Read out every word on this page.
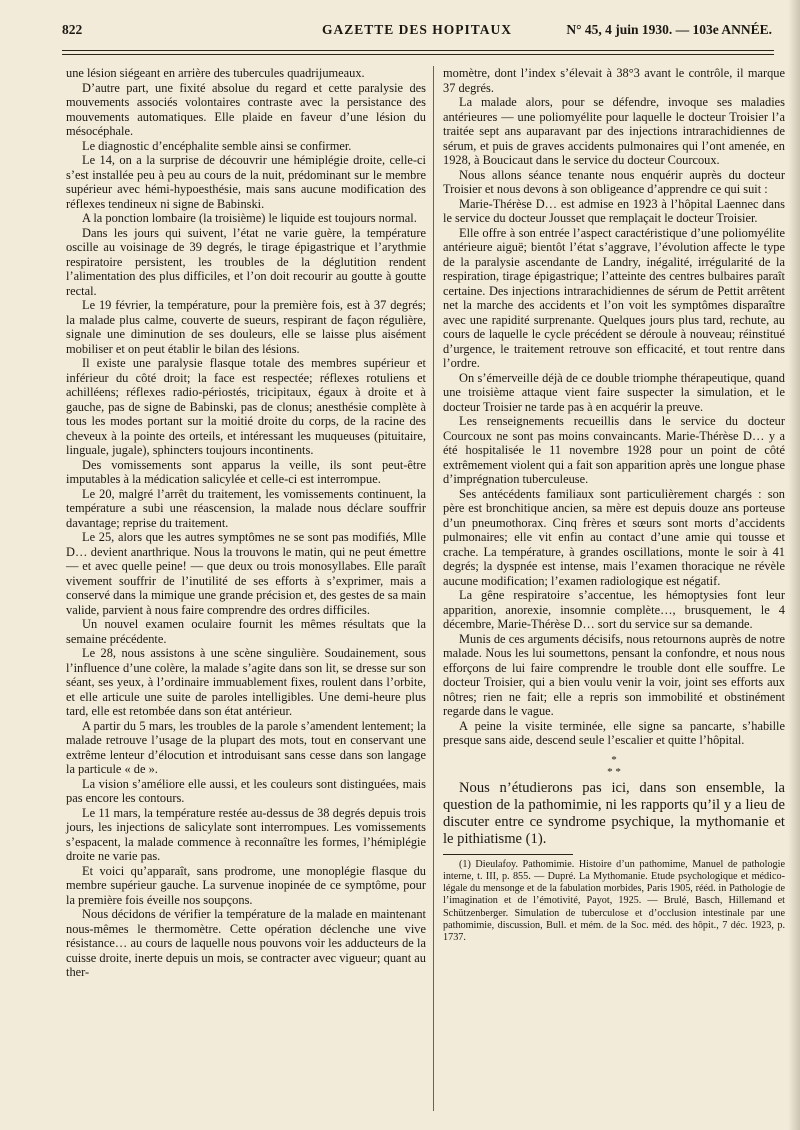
822	GAZETTE DES HOPITAUX	N° 45, 4 juin 1930. — 103e ANNÉE.

une lésion siégeant en arrière des tubercules quadrijumeaux.

D’autre part, une fixité absolue du regard et cette paralysie des mouvements associés volontaires contraste avec la persistance des mouvements automatiques. Elle plaide en faveur d’une lésion du mésocéphale.

Le diagnostic d’encéphalite semble ainsi se confirmer.

Le 14, on a la surprise de découvrir une hémiplégie droite, celle-ci s’est installée peu à peu au cours de la nuit, prédominant sur le membre supérieur avec hémi-hypoesthésie, mais sans aucune modification des réflexes tendineux ni signe de Babinski.

A la ponction lombaire (la troisième) le liquide est toujours normal.

Dans les jours qui suivent, l’état ne varie guère, la température oscille au voisinage de 39 degrés, le tirage épigastrique et l’arythmie respiratoire persistent, les troubles de la déglutition rendent l’alimentation des plus difficiles, et l’on doit recourir au goutte à goutte rectal.

Le 19 février, la température, pour la première fois, est à 37 degrés; la malade plus calme, couverte de sueurs, respirant de façon régulière, signale une diminution de ses douleurs, elle se laisse plus aisément mobiliser et on peut établir le bilan des lésions.

Il existe une paralysie flasque totale des membres supérieur et inférieur du côté droit; la face est respectée; réflexes rotuliens et achilléens; réflexes radio-périostés, tricipitaux, égaux à droite et à gauche, pas de signe de Babinski, pas de clonus; anesthésie complète à tous les modes portant sur la moitié droite du corps, de la racine des cheveux à la pointe des orteils, et intéressant les muqueuses (pituitaire, linguale, jugale), sphincters toujours incontinents.

Des vomissements sont apparus la veille, ils sont peut-être imputables à la médication salicylée et celle-ci est interrompue.

Le 20, malgré l’arrêt du traitement, les vomissements continuent, la température a subi une réascension, la malade nous déclare souffrir davantage; reprise du traitement.

Le 25, alors que les autres symptômes ne se sont pas modifiés, Mlle D… devient anarthrique. Nous la trouvons le matin, qui ne peut émettre — et avec quelle peine! — que deux ou trois monosyllabes. Elle paraît vivement souffrir de l’inutilité de ses efforts à s’exprimer, mais a conservé dans la mimique une grande précision et, des gestes de sa main valide, parvient à nous faire comprendre des ordres difficiles.

Un nouvel examen oculaire fournit les mêmes résultats que la semaine précédente.

Le 28, nous assistons à une scène singulière. Soudainement, sous l’influence d’une colère, la malade s’agite dans son lit, se dresse sur son séant, ses yeux, à l’ordinaire immuablement fixes, roulent dans l’orbite, et elle articule une suite de paroles intelligibles. Une demi-heure plus tard, elle est retombée dans son état antérieur.

A partir du 5 mars, les troubles de la parole s’amendent lentement; la malade retrouve l’usage de la plupart des mots, tout en conservant une extrême lenteur d’élocution et introduisant sans cesse dans son langage la particule « de ».

La vision s’améliore elle aussi, et les couleurs sont distinguées, mais pas encore les contours.

Le 11 mars, la température restée au-dessus de 38 degrés depuis trois jours, les injections de salicylate sont interrompues. Les vomissements s’espacent, la malade commence à reconnaître les formes, l’hémiplégie droite ne varie pas.

Et voici qu’apparaît, sans prodrome, une monoplégie flasque du membre supérieur gauche. La survenue inopinée de ce symptôme, pour la première fois éveille nos soupçons.

Nous décidons de vérifier la température de la malade en maintenant nous-mêmes le thermomètre. Cette opération déclenche une vive résistance… au cours de laquelle nous pouvons voir les adducteurs de la cuisse droite, inerte depuis un mois, se contracter avec vigueur; quant au ther-

momètre, dont l’index s’élevait à 38°3 avant le contrôle, il marque 37 degrés.

La malade alors, pour se défendre, invoque ses maladies antérieures — une poliomyélite pour laquelle le docteur Troisier l’a traitée sept ans auparavant par des injections intrarachidiennes de sérum, et puis de graves accidents pulmonaires qui l’ont amenée, en 1928, à Boucicaut dans le service du docteur Courcoux.

Nous allons séance tenante nous enquérir auprès du docteur Troisier et nous devons à son obligeance d’apprendre ce qui suit :

Marie-Thérèse D… est admise en 1923 à l’hôpital Laennec dans le service du docteur Jousset que remplaçait le docteur Troisier.

Elle offre à son entrée l’aspect caractéristique d’une poliomyélite antérieure aiguë; bientôt l’état s’aggrave, l’évolution affecte le type de la paralysie ascendante de Landry, inégalité, irrégularité de la respiration, tirage épigastrique; l’atteinte des centres bulbaires paraît certaine. Des injections intrarachidiennes de sérum de Pettit arrêtent net la marche des accidents et l’on voit les symptômes disparaître avec une rapidité surprenante. Quelques jours plus tard, rechute, au cours de laquelle le cycle précédent se déroule à nouveau; réinstitué d’urgence, le traitement retrouve son efficacité, et tout rentre dans l’ordre.

On s’émerveille déjà de ce double triomphe thérapeutique, quand une troisième attaque vient faire suspecter la simulation, et le docteur Troisier ne tarde pas à en acquérir la preuve.

Les renseignements recueillis dans le service du docteur Courcoux ne sont pas moins convaincants. Marie-Thérèse D… y a été hospitalisée le 11 novembre 1928 pour un point de côté extrêmement violent qui a fait son apparition après une longue phase d’imprégnation tuberculeuse.

Ses antécédents familiaux sont particulièrement chargés : son père est bronchitique ancien, sa mère est depuis douze ans porteuse d’un pneumothorax. Cinq frères et sœurs sont morts d’accidents pulmonaires; elle vit enfin au contact d’une amie qui tousse et crache. La température, à grandes oscillations, monte le soir à 41 degrés; la dyspnée est intense, mais l’examen thoracique ne révèle aucune modification; l’examen radiologique est négatif.

La gêne respiratoire s’accentue, les hémoptysies font leur apparition, anorexie, insomnie complète…, brusquement, le 4 décembre, Marie-Thérèse D… sort du service sur sa demande.

Munis de ces arguments décisifs, nous retournons auprès de notre malade. Nous les lui soumettons, pensant la confondre, et nous nous efforçons de lui faire comprendre le trouble dont elle souffre. Le docteur Troisier, qui a bien voulu venir la voir, joint ses efforts aux nôtres; rien ne fait; elle a repris son immobilité et obstinément regarde dans le vague.

A peine la visite terminée, elle signe sa pancarte, s’habille presque sans aide, descend seule l’escalier et quitte l’hôpital.

*
* *

Nous n’étudierons pas ici, dans son ensemble, la question de la pathomimie, ni les rapports qu’il y a lieu de discuter entre ce syndrome psychique, la mythomanie et le pithiatisme (1).

(1) Dieulafoy. Pathomimie. Histoire d’un pathomime, Manuel de pathologie interne, t. III, p. 855. — Dupré. La Mythomanie. Etude psychologique et médico-légale du mensonge et de la fabulation morbides, Paris 1905, rééd. in Pathologie de l’imagination et de l’émotivité, Payot, 1925. — Brulé, Basch, Hillemand et Schützenberger. Simulation de tuberculose et d’occlusion intestinale par une pathomimie, discussion, Bull. et mém. de la Soc. méd. des hôpit., 7 déc. 1923, p. 1737.
